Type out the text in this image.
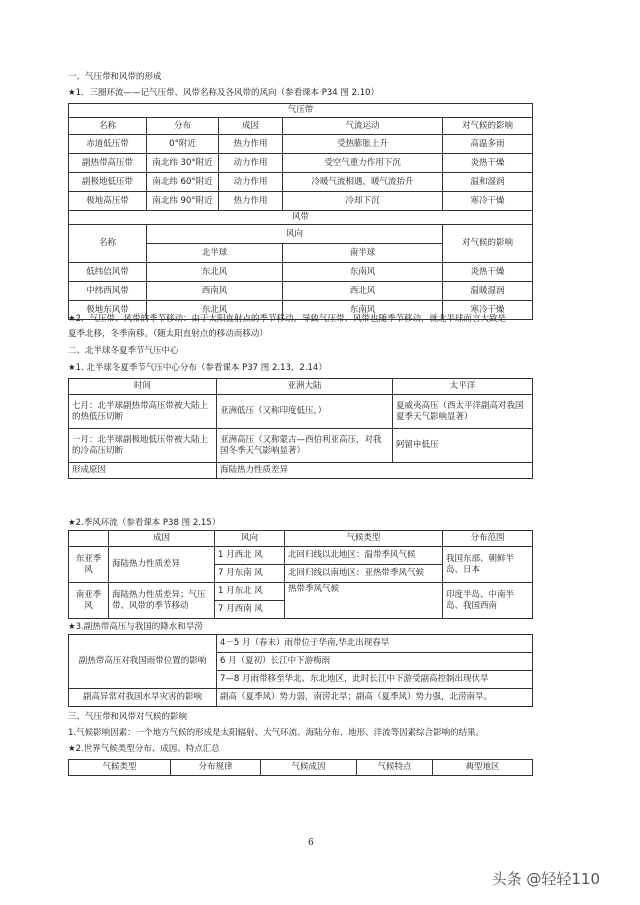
一、气压带和风带的形成
★1．三圈环流——记气压带、风带名称及各风带的风向（参看课本 P34 图 2.10）
气压带				
名称	分布	成因	气流运动	对气候的影响
赤道低压带	0°附近	热力作用	受热膨胀上升	高温多雨
副热带高压带	南北纬 30°附近	动力作用	受空气重力作用下沉	炎热干燥
副极地低压带	南北纬 60°附近	动力作用	冷暖气流相遇，暖气流抬升	温和湿润
极地高压带	南北纬 90°附近	热力作用	冷却下沉	寒冷干燥
风带				
名称	风向			对气候的影响
	北半球		南半球	
低纬信风带	东北风		东南风	炎热干燥
中纬西风带	西南风		西北风	温暖湿润
极地东风带	东北风		东南风	寒冷干燥
★2．气压带、风带的季节移动：由于太阳直射点的季节移动，导致气压带、风带也随季节移动，就北半球而言大致是
夏季北移，冬季南移。（随太阳直射点的移动而移动）
二、北半球冬夏季节气压中心
★1. 北半球冬夏季节气压中心分布（参看课本 P37 图 2.13、2.14）
时间	亚洲大陆	太平洋
七月：北半球副热带高压带被大陆上的热低压切断	亚洲低压（又称印度低压，）	夏威夷高压（西太平洋副高对我国夏季天气影响显著）
一月：北半球副极地低压带被大陆上的冷高压切断	亚洲高压（又称蒙古—西伯利亚高压，对我国冬季天气影响显著）	阿留申低压
形成原因	海陆热力性质差异	
★2.季风环流（参看课本 P38 图 2.15）
	成因	风向	气候类型	分布范围
东亚季风	海陆热力性质差异	1 月西北 风	北回归线以北地区：温带季风气候	我国东部、朝鲜半岛、日本
		7 月东南 风	北回归线以南地区：亚热带季风气候	
南亚季风	海陆热力性质差异；气压带、风带的季节移动	1 月东北 风	热带季风气候	印度半岛、中南半岛、我国西南
		7 月西南 风		
★3.副热带高压与我国的降水和旱涝
副热带高压对我国雨带位置的影响	4－5 月（春末）雨带位于华南,华北出现春旱
	6 月（夏初）长江中下游梅雨
	7—8 月雨带移至华北、东北地区，此时长江中下游受副高控制出现伏旱
副高异常对我国水旱灾害的影响	副高（夏季风）势力弱，南涝北旱；副高（夏季风）势力强，北涝南旱。
三、气压带和风带对气候的影响
1.气候影响因素：一个地方气候的形成是太阳辐射、大气环流、海陆分布、地形、洋流等因素综合影响的结果。
★2.世界气候类型分布、成因、特点汇总
气候类型	分布规律	气候成因	气候特点	典型地区
6
头条 @轻轻110
